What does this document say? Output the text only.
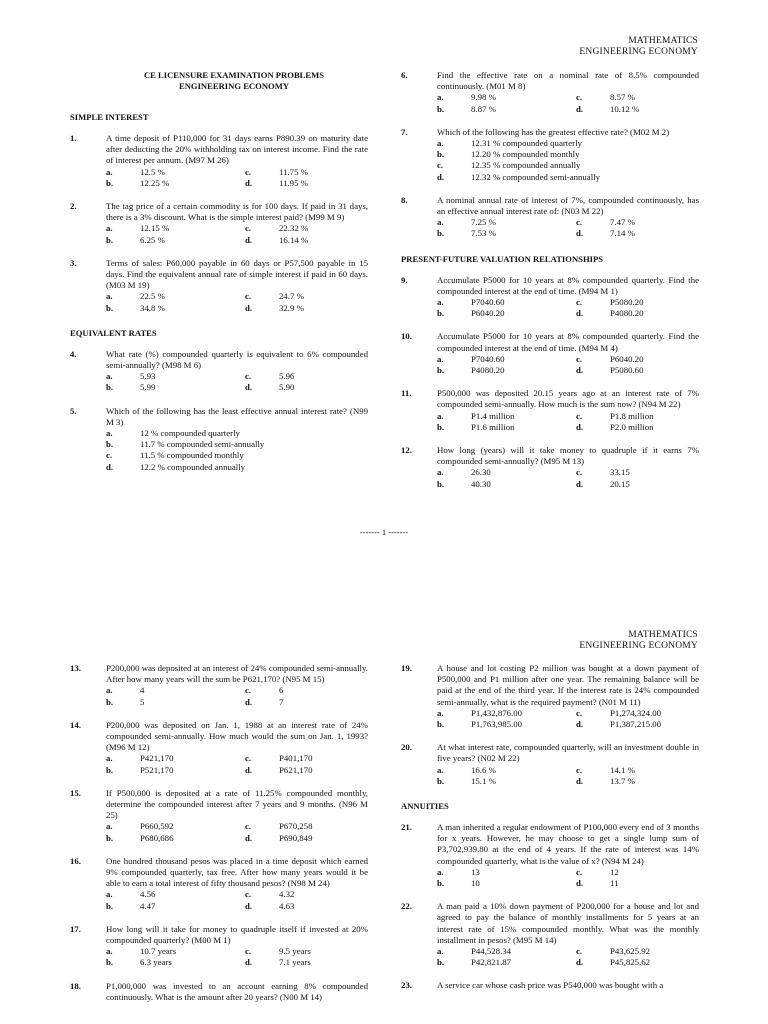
MATHEMATICS
ENGINEERING ECONOMY
CE LICENSURE EXAMINATION PROBLEMS
ENGINEERING ECONOMY
SIMPLE INTEREST
1.	A time deposit of P110,000 for 31 days earns P890.39 on maturity date after deducting the 20% withholding tax on interest income. Find the rate of interest per annum. (M97 M 26)
a.	12.5 %	c.	11.75 %
b.	12.25 %	d.	11.95 %
2.	The tag price of a certain commodity is for 100 days. If paid in 31 days, there is a 3% discount. What is the simple interest paid? (M99 M 9)
a.	12.15 %	c.	22.32 %
b.	6.25 %	d.	16.14 %
3.	Terms of sales: P60,000 payable in 60 days or P57,500 payable in 15 days. Find the equivalent annual rate of simple interest if paid in 60 days. (M03 M 19)
a.	22.5 %	c.	24.7 %
b.	34.8 %	d.	32.9 %
EQUIVALENT RATES
4.	What rate (%) compounded quarterly is equivalent to 6% compounded semi-annually? (M98 M 6)
a.	5.93	c.	5.96
b.	5.99	d.	5.90
5.	Which of the following has the least effective annual interest rate? (N99 M 3)
a.	12 % compounded quarterly
b.	11.7 % compounded semi-annually
c.	11.5 % compounded monthly
d.	12.2 % compounded annually
6.	Find the effective rate on a nominal rate of 8.5% compounded continuously. (M01 M 8)
a.	9.98 %	c.	8.57 %
b.	8.87 %	d.	10.12 %
7.	Which of the following has the greatest effective rate? (M02 M 2)
a.	12.31 % compounded quarterly
b.	12.20 % compounded monthly
c.	12.35 % compounded annually
d.	12.32 % compounded semi-annually
8.	A nominal annual rate of interest of 7%, compounded continuously, has an effective annual interest rate of: (N03 M 22)
a.	7.25 %	c.	7.47 %
b.	7.53 %	d.	7.14 %
PRESENT-FUTURE VALUATION RELATIONSHIPS
9.	Accumulate P5000 for 10 years at 8% compounded quarterly. Find the compounded interest at the end of time. (M94 M 1)
a.	P7040.60	c.	P5080.20
b.	P6040.20	d.	P4080.20
10.	Accumulate P5000 for 10 years at 8% compounded quarterly. Find the compounded interest at the end of time. (M94 M 4)
a.	P7040.60	c.	P6040.20
b.	P4080.20	d.	P5080.60
11.	P500,000 was deposited 20.15 years ago at an interest rate of 7% compounded semi-annually. How much is the sum now? (N94 M 22)
a.	P1.4 million	c.	P1.8 million
b.	P1.6 million	d.	P2.0 million
12.	How long (years) will it take money to quadruple if it earns 7% compounded semi-annually? (M95 M 13)
a.	26.30	c.	33.15
b.	40.30	d.	20.15
------- 1 -------
MATHEMATICS
ENGINEERING ECONOMY
13.	P200,000 was deposited at an interest of 24% compounded semi-annually. After how many years will the sum be P621,170? (N95 M 15)
a.	4	c.	6
b.	5	d.	7
14.	P200,000 was deposited on Jan. 1, 1988 at an interest rate of 24% compounded semi-annually. How much would the sum on Jan. 1, 1993? (M96 M 12)
a.	P421,170	c.	P401,170
b.	P521,170	d.	P621,170
15.	If P500,000 is deposited at a rate of 11.25% compounded monthly, determine the compounded interest after 7 years and 9 months. (N96 M 25)
a.	P660,592	c.	P670,258
b.	P680,686	d.	P690,849
16.	One hundred thousand pesos was placed in a time deposit which earned 9% compounded quarterly, tax free. After how many years would it be able to earn a total interest of fifty thousand pesos? (N98 M 24)
a.	4.56	c.	4.32
b.	4.47	d.	4.63
17.	How long will it take for money to quadruple itself if invested at 20% compounded quarterly? (M00 M 1)
a.	10.7 years	c.	9.5 years
b.	6.3 years	d.	7.1 years
18.	P1,000,000 was invested to an account earning 8% compounded continuously. What is the amount after 20 years? (N00 M 14)
19.	A house and lot costing P2 million was bought at a down payment of P500,000 and P1 million after one year. The remaining balance will be paid at the end of the third year. If the interest rate is 24% compounded semi-annually, what is the required payment? (N01 M 11)
a.	P1,432,876.00	c.	P1,274,324.00
b.	P1,763,985.00	d.	P1,387,215.00
20.	At what interest rate, compounded quarterly, will an investment double in five years? (N02 M 22)
a.	16.6 %	c.	14.1 %
b.	15.1 %	d.	13.7 %
ANNUITIES
21.	A man inherited a regular endowment of P100,000 every end of 3 months for x years. However, he may choose to get a single lump sum of P3,702,939.80 at the end of 4 years. If the rate of interest was 14% compounded quarterly, what is the value of x? (N94 M 24)
a.	13	c.	12
b.	10	d.	11
22.	A man paid a 10% down payment of P200,000 for a house and lot and agreed to pay the balance of monthly installments for 5 years at an interest rate of 15% compounded monthly. What was the monthly installment in pesos? (M95 M 14)
a.	P44,528.34	c.	P43,625.92
b.	P42,821.87	d.	P45,825.62
23.	A service car whose cash price was P540,000 was bought with a
